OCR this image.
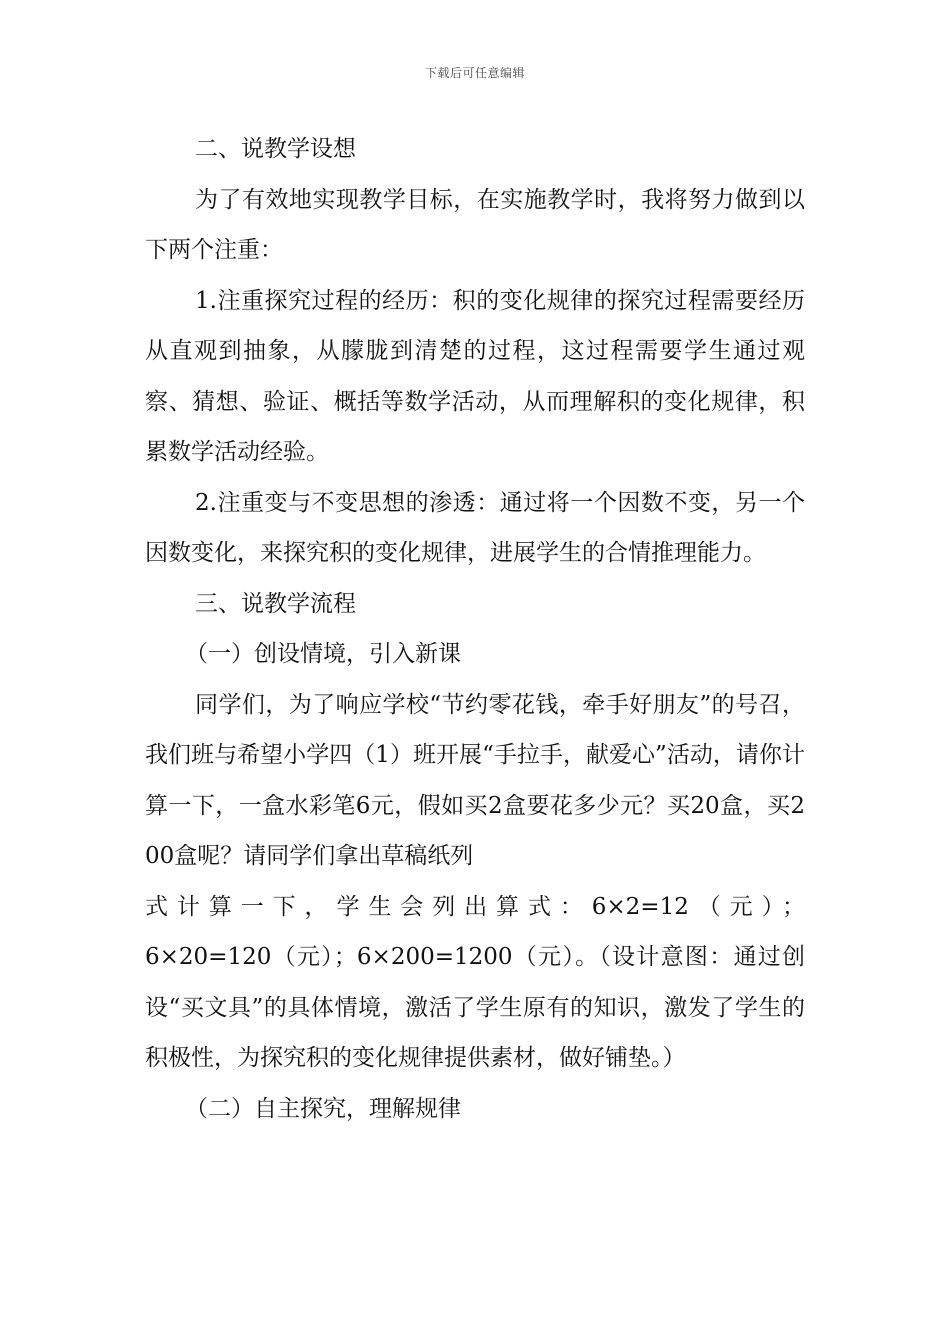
下载后可任意编辑

二、说教学设想

为了有效地实现教学目标，在实施教学时，我将努力做到以下两个注重：

1.注重探究过程的经历：积的变化规律的探究过程需要经历从直观到抽象，从朦胧到清楚的过程，这过程需要学生通过观察、猜想、验证、概括等数学活动，从而理解积的变化规律，积累数学活动经验。

2.注重变与不变思想的渗透：通过将一个因数不变，另一个因数变化，来探究积的变化规律，进展学生的合情推理能力。

三、说教学流程

（一）创设情境，引入新课

同学们，为了响应学校“节约零花钱，牵手好朋友”的号召，我们班与希望小学四（1）班开展“手拉手，献爱心”活动，请你计算一下，一盒水彩笔6元，假如买2盒要花多少元？买20盒，买200盒呢？请同学们拿出草稿纸列

式计算一下，学生会列出算式：6×2=12（元）；

6×20=120（元）；6×200=1200（元）。（设计意图：通过创设“买文具”的具体情境，激活了学生原有的知识，激发了学生的积极性，为探究积的变化规律提供素材，做好铺垫。）

（二）自主探究，理解规律
